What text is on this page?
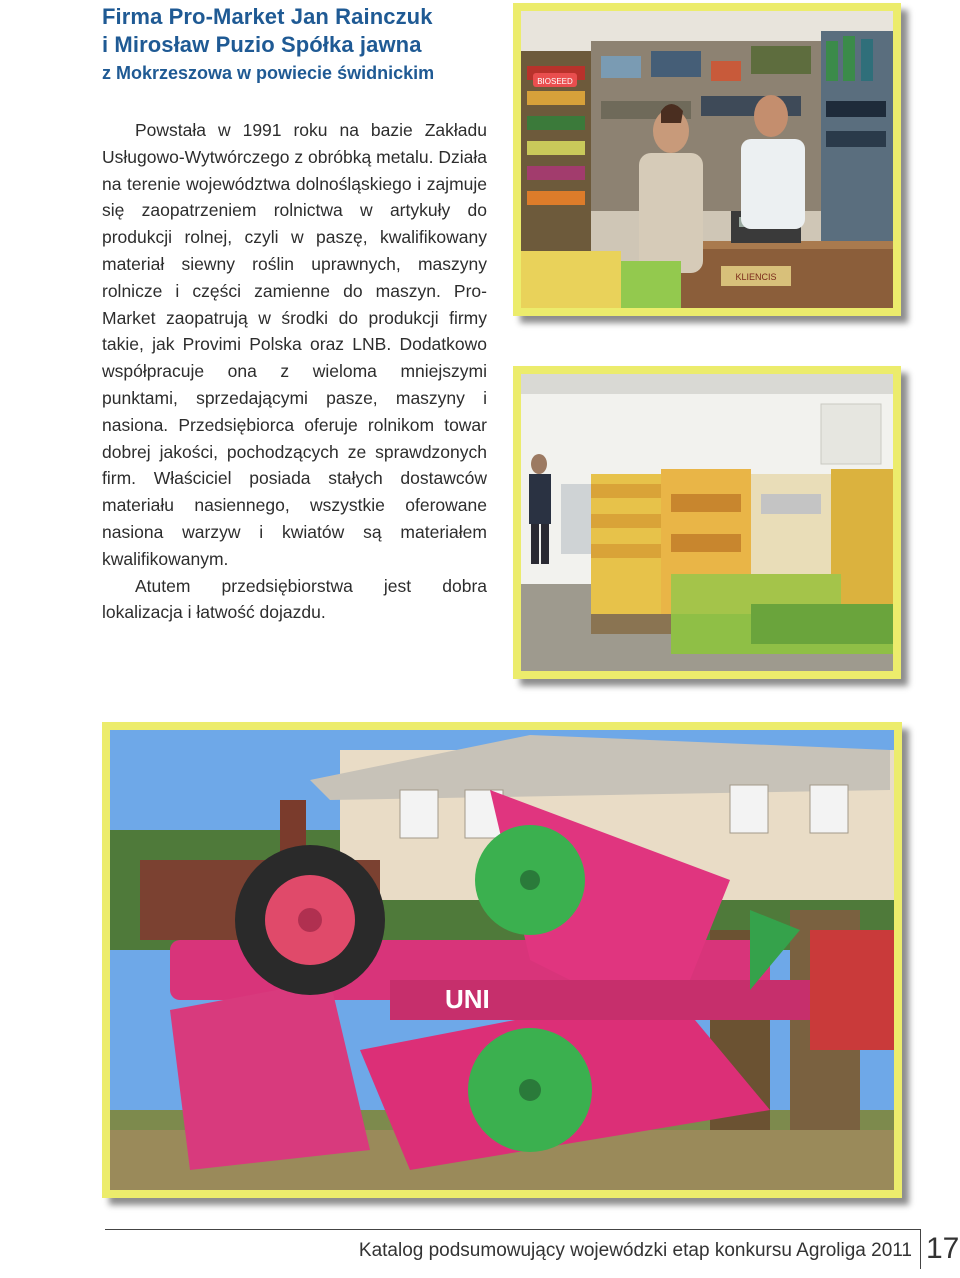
Firma Pro-Market Jan Rainczuk
i Mirosław Puzio Spółka jawna
z Mokrzeszowa w powiecie świdnickim

Powstała w 1991 roku na bazie Zakładu Usługowo-Wytwórczego z obróbką metalu. Działa na terenie województwa dolnośląskiego i zajmuje się zaopatrzeniem rolnictwa w artykuły do produkcji rolnej, czyli w paszę, kwalifikowany materiał siewny roślin uprawnych, maszyny rolnicze i części zamienne do maszyn. Pro-Market zaopatrują w środki do produkcji firmy takie, jak Provimi Polska oraz LNB. Dodatkowo współpracuje ona z wieloma mniejszymi punktami, sprzedającymi pasze, maszyny i nasiona. Przedsiębiorca oferuje rolnikom towar dobrej jakości, pochodzących ze sprawdzonych firm. Właściciel posiada stałych dostawców materiału nasiennego, wszystkie oferowane nasiona warzyw i kwiatów są materiałem kwalifikowanym.

Atutem przedsiębiorstwa jest dobra lokalizacja i łatwość dojazdu.

BIOSEED
KLIENCIS
UNI
Katalog podsumowujący wojewódzki etap konkursu Agroliga 2011 17
